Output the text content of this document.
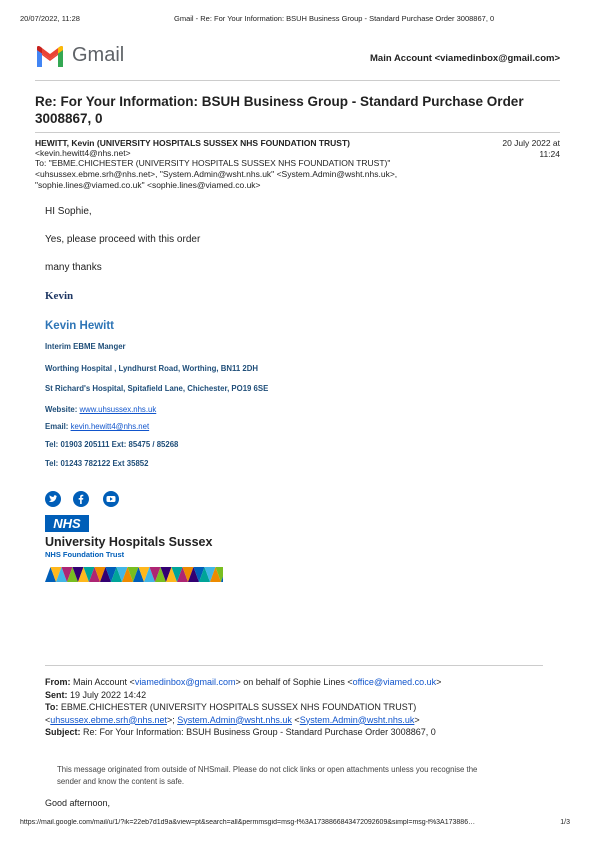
20/07/2022, 11:28	Gmail - Re: For Your Information: BSUH Business Group - Standard Purchase Order 3008867, 0
Gmail	Main Account <viamedinbox@gmail.com>
Re: For Your Information: BSUH Business Group - Standard Purchase Order
3008867, 0
HEWITT, Kevin (UNIVERSITY HOSPITALS SUSSEX NHS FOUNDATION TRUST)
<kevin.hewitt4@nhs.net>
To: "EBME.CHICHESTER (UNIVERSITY HOSPITALS SUSSEX NHS FOUNDATION TRUST)"
<uhsussex.ebme.srh@nhs.net>, "System.Admin@wsht.nhs.uk" <System.Admin@wsht.nhs.uk>,
"sophie.lines@viamed.co.uk" <sophie.lines@viamed.co.uk>
20 July 2022 at
11:24
HI Sophie,
Yes, please proceed with this order
many thanks
Kevin
Kevin Hewitt
Interim EBME Manger
Worthing Hospital , Lyndhurst Road, Worthing, BN11 2DH
St Richard's Hospital, Spitafield Lane, Chichester, PO19 6SE
Website: www.uhsussex.nhs.uk
Email: kevin.hewitt4@nhs.net
Tel: 01903 205111 Ext: 85475 / 85268
Tel: 01243 782122 Ext 35852
NHS
University Hospitals Sussex
NHS Foundation Trust
From: Main Account <viamedinbox@gmail.com> on behalf of Sophie Lines <office@viamed.co.uk>
Sent: 19 July 2022 14:42
To: EBME.CHICHESTER (UNIVERSITY HOSPITALS SUSSEX NHS FOUNDATION TRUST)
<uhsussex.ebme.srh@nhs.net>; System.Admin@wsht.nhs.uk <System.Admin@wsht.nhs.uk>
Subject: Re: For Your Information: BSUH Business Group - Standard Purchase Order 3008867, 0
This message originated from outside of NHSmail. Please do not click links or open attachments unless you recognise the
sender and know the content is safe.
Good afternoon,
https://mail.google.com/mail/u/1/?ik=22eb7d1d9a&view=pt&search=all&permmsgid=msg-f%3A1738866843472092609&simpl=msg-f%3A173886…	1/3
